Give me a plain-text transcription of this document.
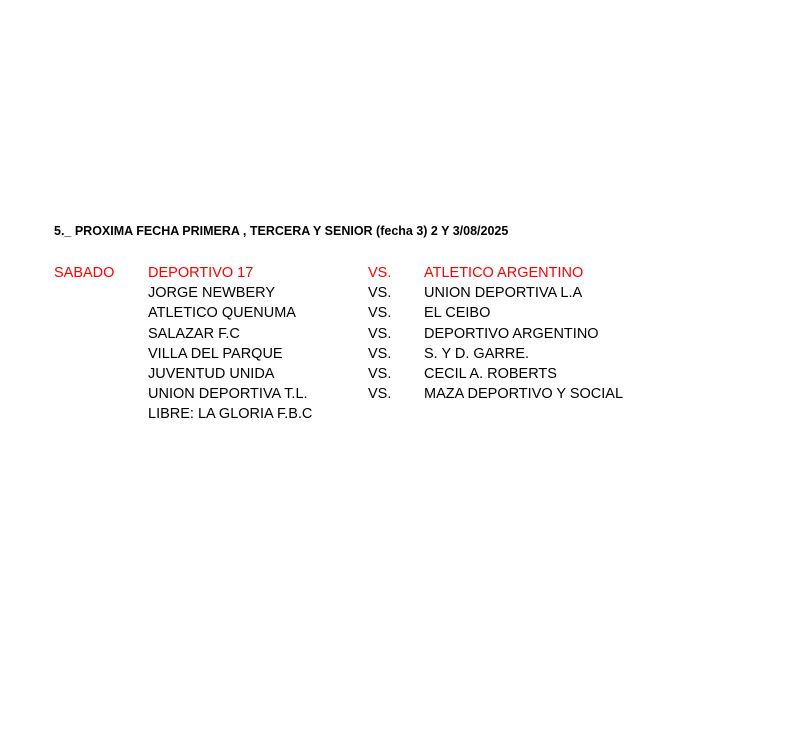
5._ PROXIMA FECHA PRIMERA , TERCERA Y SENIOR (fecha 3) 2 Y 3/08/2025
SABADO DEPORTIVO 17	VS. ATLETICO ARGENTINO
JORGE NEWBERY	VS. UNION DEPORTIVA L.A
ATLETICO QUENUMA	VS. EL CEIBO
SALAZAR F.C	VS. DEPORTIVO ARGENTINO
VILLA DEL PARQUE	VS. S. Y D. GARRE.
JUVENTUD UNIDA	VS. CECIL A. ROBERTS
UNION DEPORTIVA T.L.	VS. MAZA DEPORTIVO Y SOCIAL
LIBRE: LA GLORIA F.B.C
